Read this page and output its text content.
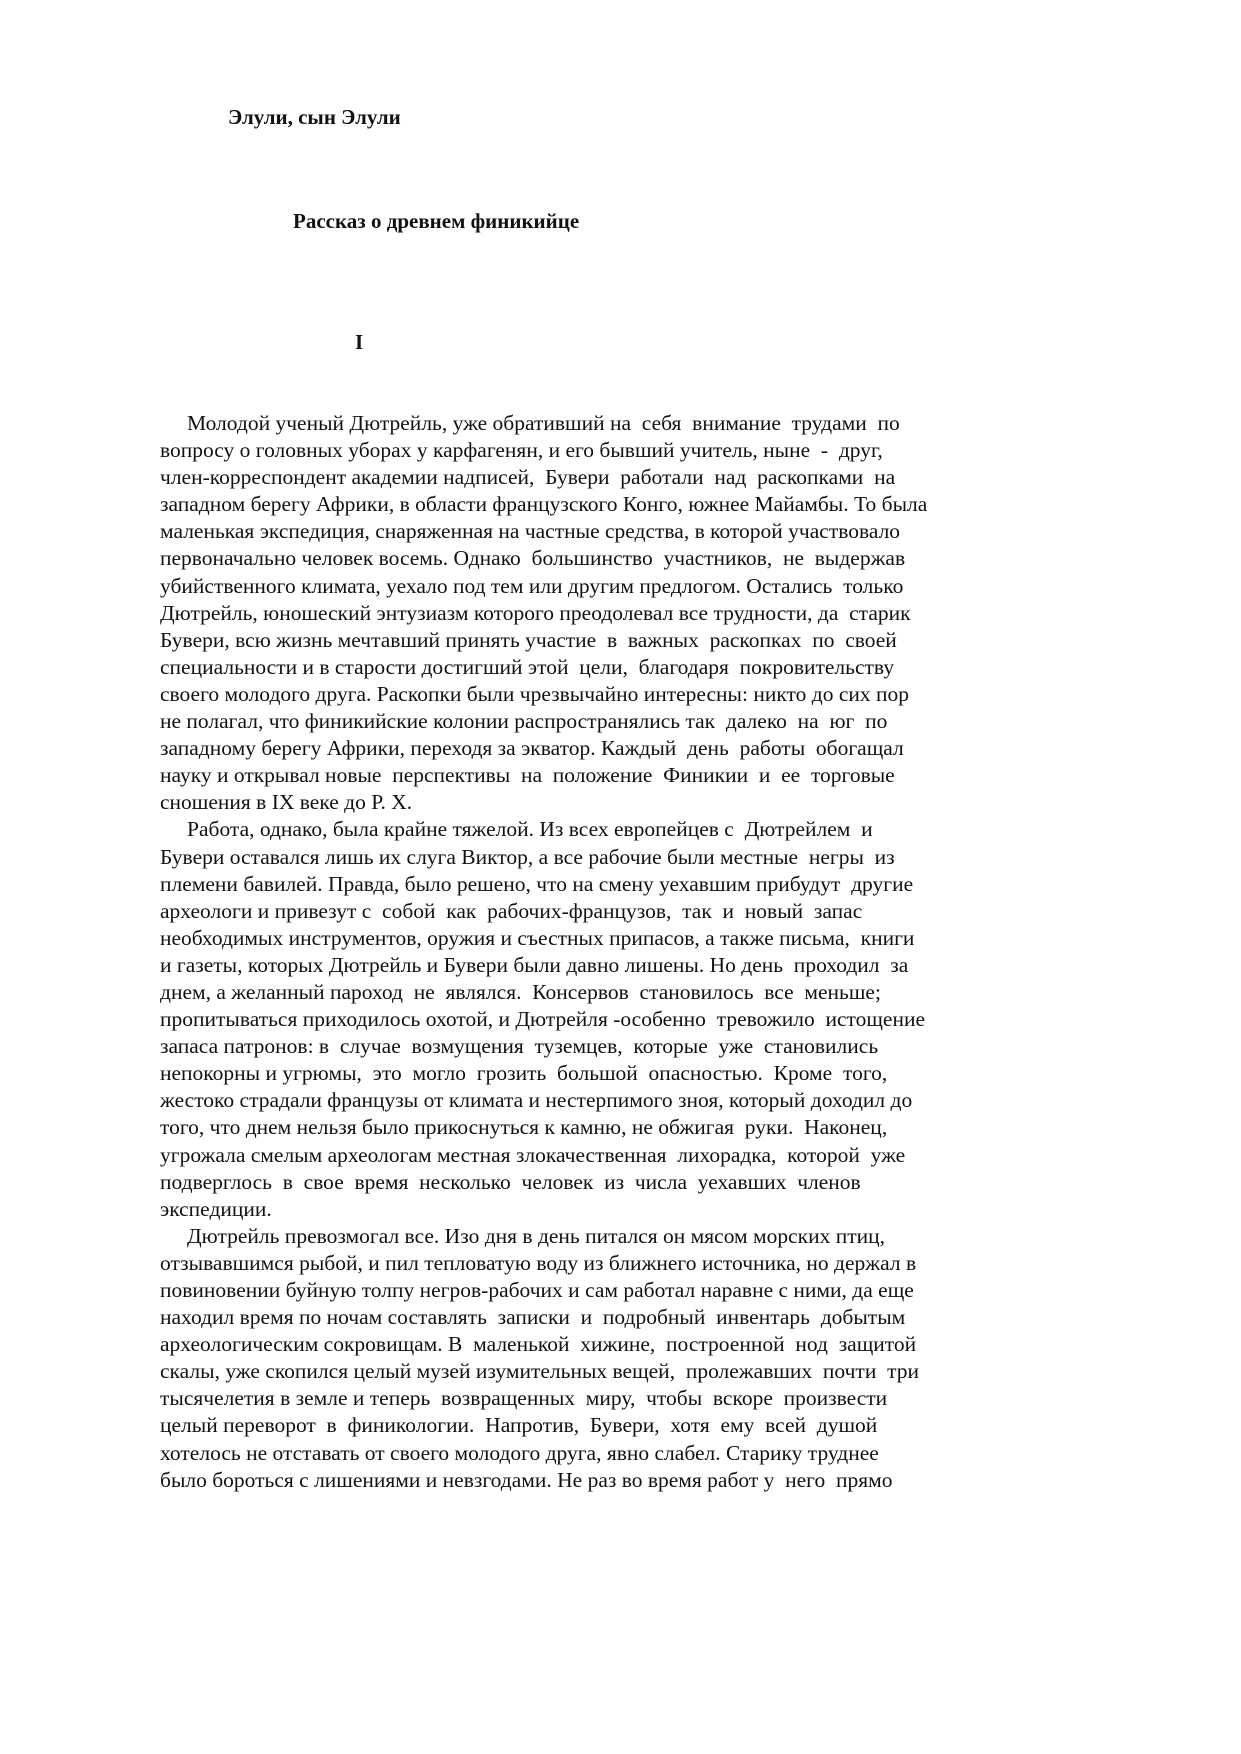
Элули, сын Элули
Рассказ о древнем финикийце
I
Молодой ученый Дютрейль, уже обративший на  себя  внимание  трудами  по
вопросу о головных уборах у карфагенян, и его бывший учитель, ныне  -  друг,
член-корреспондент академии надписей,  Бувери  работали  над  раскопками  на
западном берегу Африки, в области французского Конго, южнее Майамбы. То была
маленькая экспедиция, снаряженная на частные средства, в которой участвовало
первоначально человек восемь. Однако  большинство  участников,  не  выдержав
убийственного климата, уехало под тем или другим предлогом. Остались  только
Дютрейль, юношеский энтузиазм которого преодолевал все трудности, да  старик
Бувери, всю жизнь мечтавший принять участие  в  важных  раскопках  по  своей
специальности и в старости достигший этой  цели,  благодаря  покровительству
своего молодого друга. Раскопки были чрезвычайно интересны: никто до сих пор
не полагал, что финикийские колонии распространялись так  далеко  на  юг  по
западному берегу Африки, переходя за экватор. Каждый  день  работы  обогащал
науку и открывал новые  перспективы  на  положение  Финикии  и  ее  торговые
сношения в IX веке до Р. Х.
Работа, однако, была крайне тяжелой. Из всех европейцев с  Дютрейлем  и
Бувери оставался лишь их слуга Виктор, а все рабочие были местные  негры  из
племени бавилей. Правда, было решено, что на смену уехавшим прибудут  другие
археологи и привезут с  собой  как  рабочих-французов,  так  и  новый  запас
необходимых инструментов, оружия и съестных припасов, а также письма,  книги
и газеты, которых Дютрейль и Бувери были давно лишены. Но день  проходил  за
днем, а желанный пароход  не  являлся.  Консервов  становилось  все  меньше;
пропитываться приходилось охотой, и Дютрейля -особенно  тревожило  истощение
запаса патронов: в  случае  возмущения  туземцев,  которые  уже  становились
непокорны и угрюмы,  это  могло  грозить  большой  опасностью.  Кроме  того,
жестоко страдали французы от климата и нестерпимого зноя, который доходил до
того, что днем нельзя было прикоснуться к камню, не обжигая  руки.  Наконец,
угрожала смелым археологам местная злокачественная  лихорадка,  которой  уже
подверглось  в  свое  время  несколько  человек  из  числа  уехавших  членов
экспедиции.
Дютрейль превозмогал все. Изо дня в день питался он мясом морских птиц,
отзывавшимся рыбой, и пил тепловатую воду из ближнего источника, но держал в
повиновении буйную толпу негров-рабочих и сам работал наравне с ними, да еще
находил время по ночам составлять  записки  и  подробный  инвентарь  добытым
археологическим сокровищам. В  маленькой  хижине,  построенной  нод  защитой
скалы, уже скопился целый музей изумительных вещей,  пролежавших  почти  три
тысячелетия в земле и теперь  возвращенных  миру,  чтобы  вскоре  произвести
целый переворот  в  финикологии.  Напротив,  Бувери,  хотя  ему  всей  душой
хотелось не отставать от своего молодого друга, явно слабел. Старику труднее
было бороться с лишениями и невзгодами. Не раз во время работ у  него  прямо
